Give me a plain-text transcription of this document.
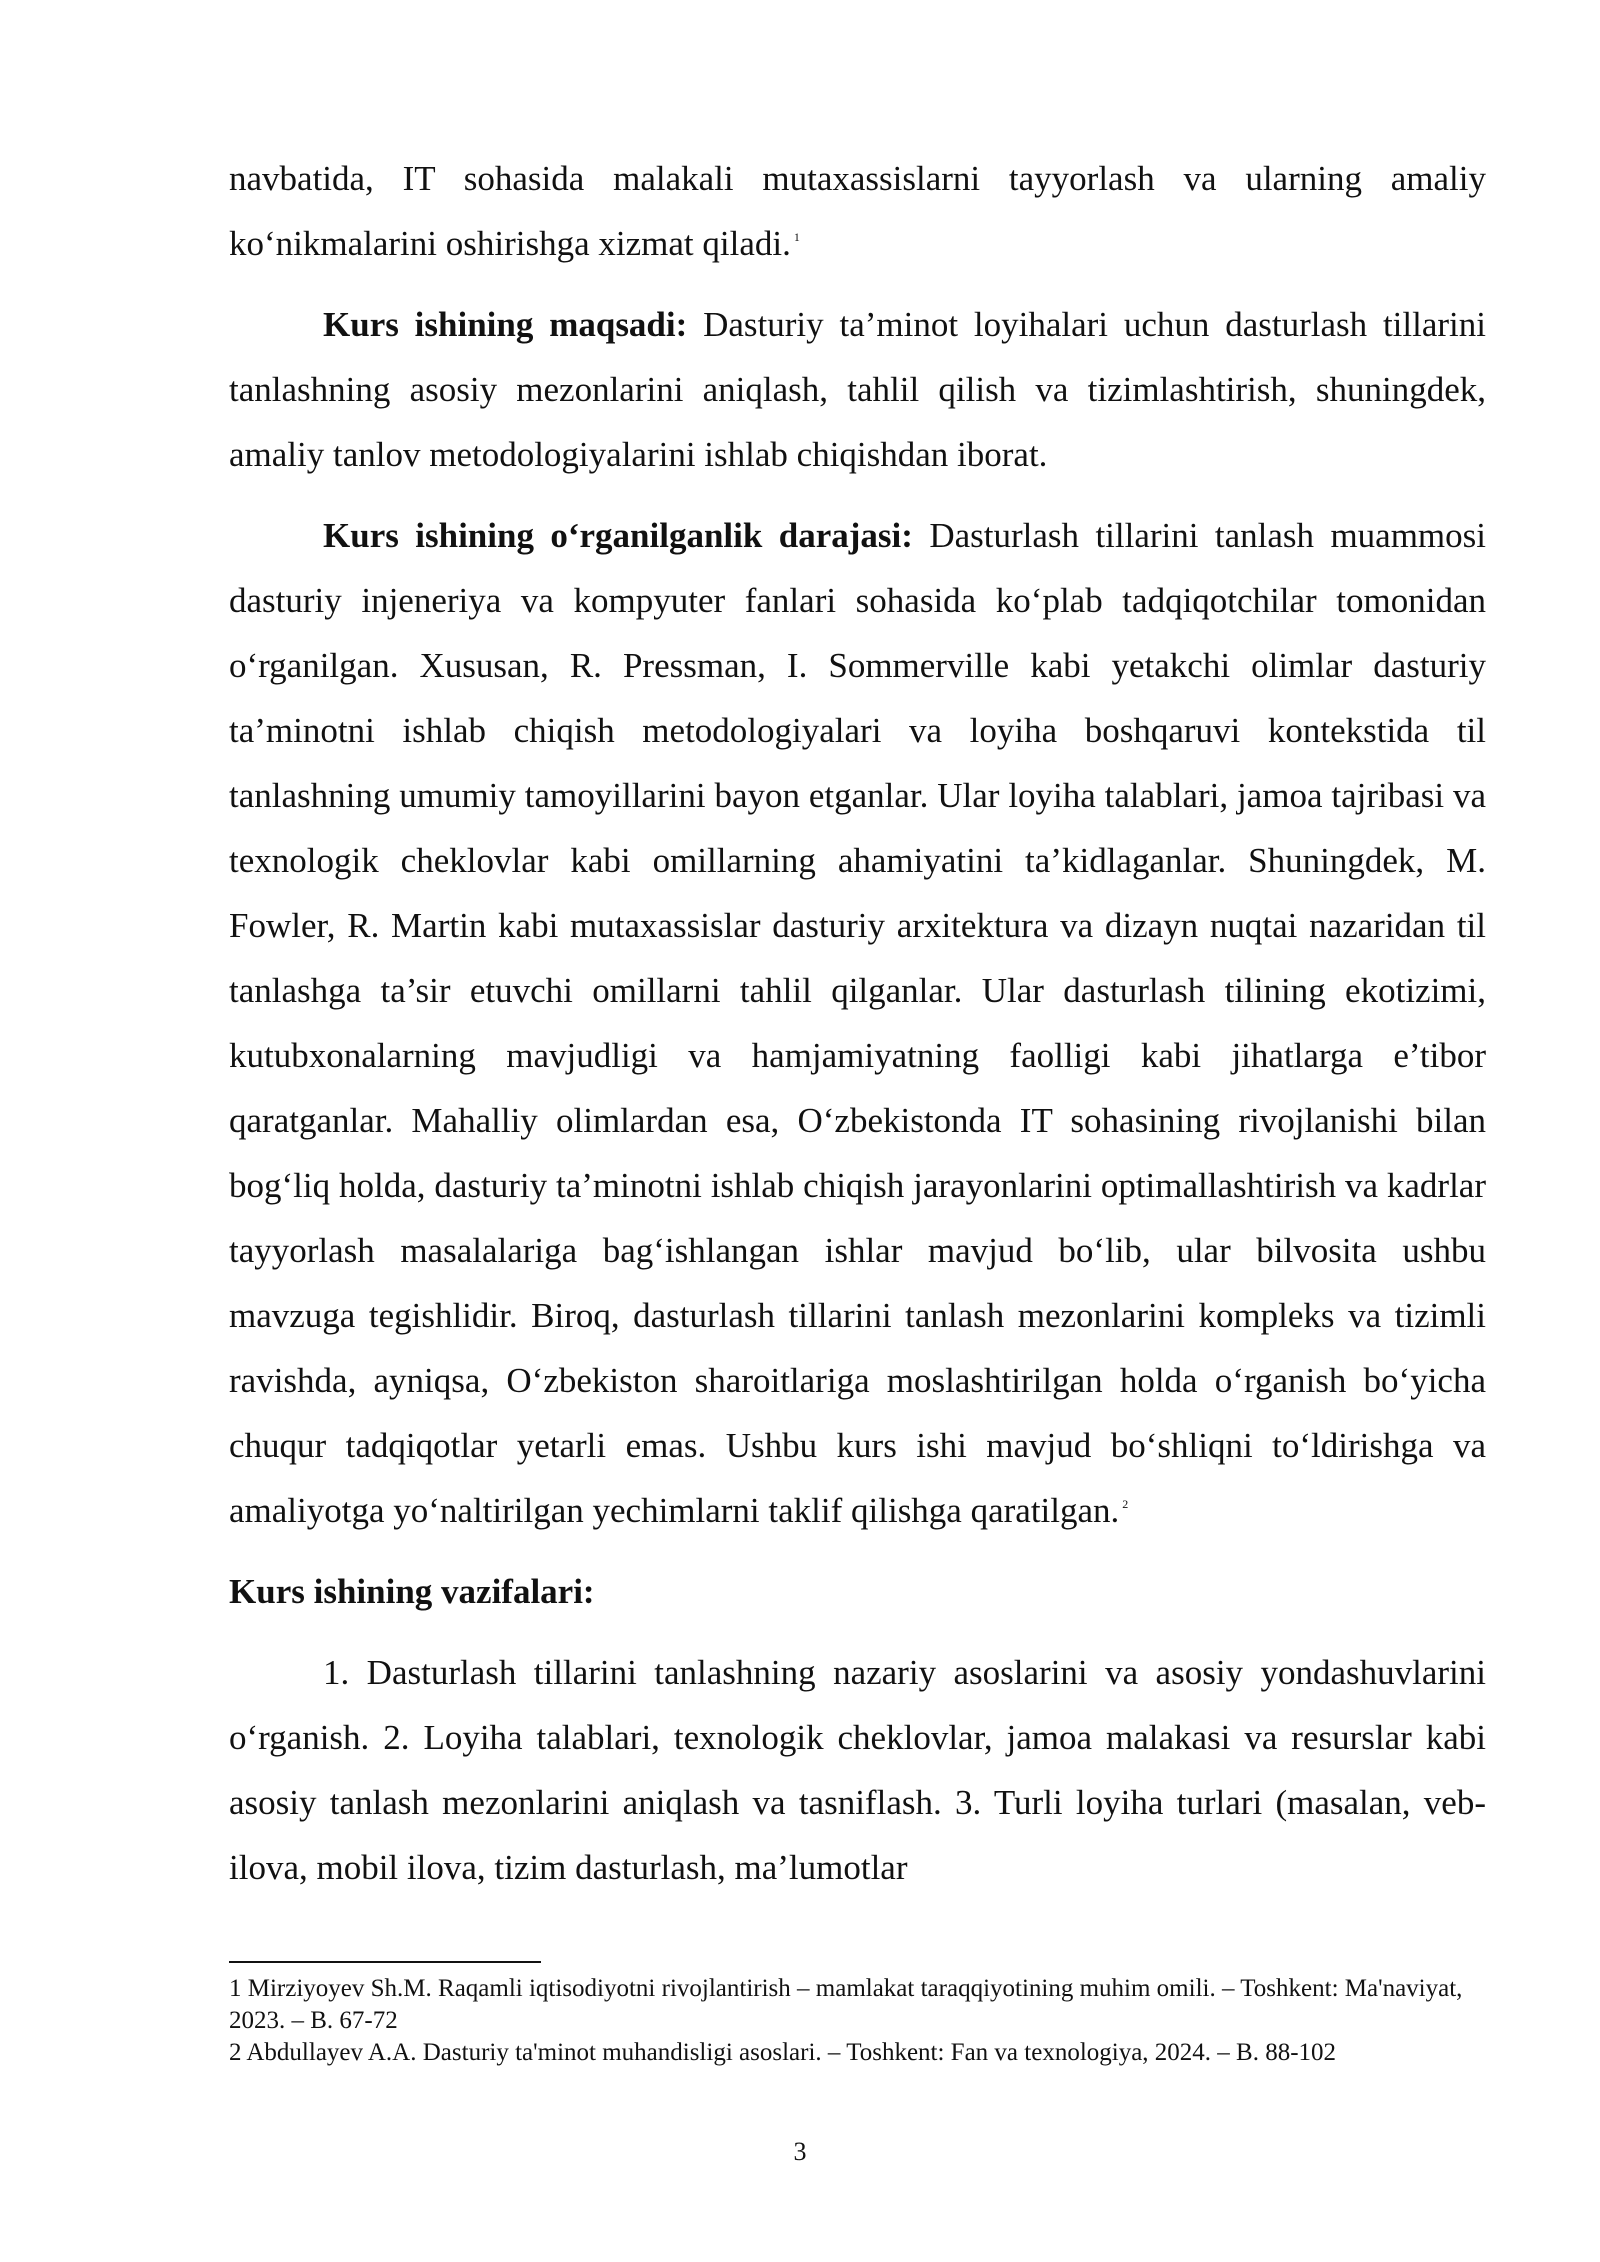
navbatida, IT sohasida malakali mutaxassislarni tayyorlash va ularning amaliy ko‘nikmalarini oshirishga xizmat qiladi. $^1$

Kurs ishining maqsadi: Dasturiy ta’minot loyihalari uchun dasturlash tillarini tanlashning asosiy mezonlarini aniqlash, tahlil qilish va tizimlashtirish, shuningdek, amaliy tanlov metodologiyalarini ishlab chiqishdan iborat.

Kurs ishining o‘rganilganlik darajasi: Dasturlash tillarini tanlash muammosi dasturiy injeneriya va kompyuter fanlari sohasida ko‘plab tadqiqotchilar tomonidan o‘rganilgan. Xususan, R. Pressman, I. Sommerville kabi yetakchi olimlar dasturiy ta’minotni ishlab chiqish metodologiyalari va loyiha boshqaruvi kontekstida til tanlashning umumiy tamoyillarini bayon etganlar. Ular loyiha talablari, jamoa tajribasi va texnologik cheklovlar kabi omillarning ahamiyatini ta’kidlaganlar. Shuningdek, M. Fowler, R. Martin kabi mutaxassislar dasturiy arxitektura va dizayn nuqtai nazaridan til tanlashga ta’sir etuvchi omillarni tahlil qilganlar. Ular dasturlash tilining ekotizimi, kutubxonalarning mavjudligi va hamjamiyatning faolligi kabi jihatlarga e’tibor qaratganlar. Mahalliy olimlardan esa, O‘zbekistonda IT sohasining rivojlanishi bilan bog‘liq holda, dasturiy ta’minotni ishlab chiqish jarayonlarini optimallashtirish va kadrlar tayyorlash masalalariga bag‘ishlangan ishlar mavjud bo‘lib, ular bilvosita ushbu mavzuga tegishlidir. Biroq, dasturlash tillarini tanlash mezonlarini kompleks va tizimli ravishda, ayniqsa, O‘zbekiston sharoitlariga moslashtirilgan holda o‘rganish bo‘yicha chuqur tadqiqotlar yetarli emas. Ushbu kurs ishi mavjud bo‘shliqni to‘ldirishga va amaliyotga yo‘naltirilgan yechimlarni taklif qilishga qaratilgan. $^2$

Kurs ishining vazifalari:

1. Dasturlash tillarini tanlashning nazariy asoslarini va asosiy yondashuvlarini o‘rganish. 2. Loyiha talablari, texnologik cheklovlar, jamoa malakasi va resurslar kabi asosiy tanlash mezonlarini aniqlash va tasniflash. 3. Turli loyiha turlari (masalan, veb-ilova, mobil ilova, tizim dasturlash, ma’lumotlar

1 Mirziyoyev Sh.M. Raqamli iqtisodiyotni rivojlantirish – mamlakat taraqqiyotining muhim omili. – Toshkent: Ma'naviyat, 2023. – B. 67-72

2 Abdullayev A.A. Dasturiy ta'minot muhandisligi asoslari. – Toshkent: Fan va texnologiya, 2024. – B. 88-102

3
